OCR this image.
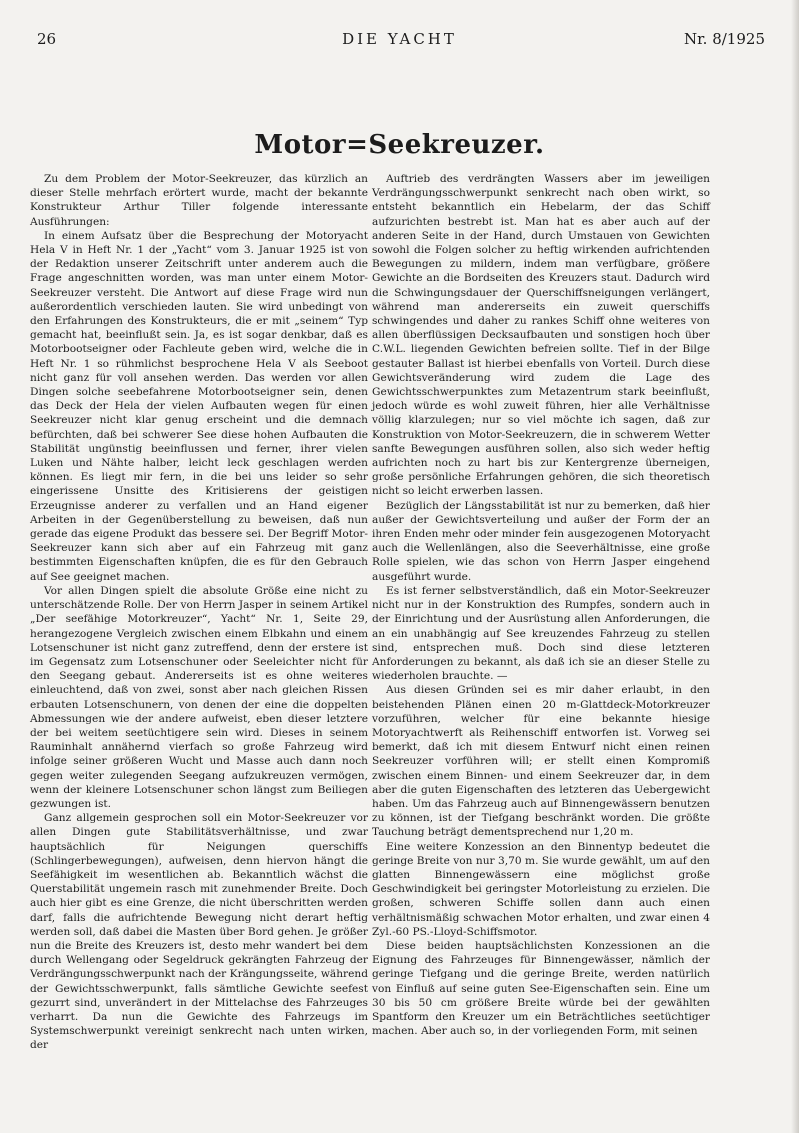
DIE YACHT
26	Nr. 8/1925
Motor=Seekreuzer.

Zu dem Problem der Motor-Seekreuzer, das kürzlich an dieser Stelle mehrfach erörtert wurde, macht der bekannte Konstrukteur Arthur Tiller folgende interessante Ausführungen:

In einem Aufsatz über die Besprechung der Motoryacht Hela V in Heft Nr. 1 der „Yacht“ vom 3. Januar 1925 ist von der Redaktion unserer Zeitschrift unter anderem auch die Frage angeschnitten worden, was man unter einem Motor-Seekreuzer versteht. Die Antwort auf diese Frage wird nun außerordentlich verschieden lauten. Sie wird unbedingt von den Erfahrungen des Konstrukteurs, die er mit „seinem“ Typ gemacht hat, beeinflußt sein. Ja, es ist sogar denkbar, daß es Motorbootseigner oder Fachleute geben wird, welche die in Heft Nr. 1 so rühmlichst besprochene Hela V als Seeboot nicht ganz für voll ansehen werden. Das werden vor allen Dingen solche seebefahrene Motorbootseigner sein, denen das Deck der Hela der vielen Aufbauten wegen für einen Seekreuzer nicht klar genug erscheint und die demnach befürchten, daß bei schwerer See diese hohen Aufbauten die Stabilität ungünstig beeinflussen und ferner, ihrer vielen Luken und Nähte halber, leicht leck geschlagen werden können. Es liegt mir fern, in die bei uns leider so sehr eingerissene Unsitte des Kritisierens der geistigen Erzeugnisse anderer zu verfallen und an Hand eigener Arbeiten in der Gegenüberstellung zu beweisen, daß nun gerade das eigene Produkt das bessere sei. Der Begriff Motor-Seekreuzer kann sich aber auf ein Fahrzeug mit ganz bestimmten Eigenschaften knüpfen, die es für den Gebrauch auf See geeignet machen.

Vor allen Dingen spielt die absolute Größe eine nicht zu unterschätzende Rolle. Der von Herrn Jasper in seinem Artikel „Der seefähige Motorkreuzer“, Yacht“ Nr. 1, Seite 29, herangezogene Vergleich zwischen einem Elbkahn und einem Lotsenschuner ist nicht ganz zutreffend, denn der erstere ist im Gegensatz zum Lotsenschuner oder Seeleichter nicht für den Seegang gebaut. Andererseits ist es ohne weiteres einleuchtend, daß von zwei, sonst aber nach gleichen Rissen erbauten Lotsenschunern, von denen der eine die doppelten Abmessungen wie der andere aufweist, eben dieser letztere der bei weitem seetüchtigere sein wird. Dieses in seinem Rauminhalt annähernd vierfach so große Fahrzeug wird infolge seiner größeren Wucht und Masse auch dann noch gegen weiter zulegenden Seegang aufzukreuzen vermögen, wenn der kleinere Lotsenschuner schon längst zum Beiliegen gezwungen ist.

Ganz allgemein gesprochen soll ein Motor-Seekreuzer vor allen Dingen gute Stabilitätsverhältnisse, und zwar hauptsächlich für Neigungen querschiffs (Schlingerbewegungen), aufweisen, denn hiervon hängt die Seefähigkeit im wesentlichen ab. Bekanntlich wächst die Querstabilität ungemein rasch mit zunehmender Breite. Doch auch hier gibt es eine Grenze, die nicht überschritten werden darf, falls die aufrichtende Bewegung nicht derart heftig werden soll, daß dabei die Masten über Bord gehen. Je größer nun die Breite des Kreuzers ist, desto mehr wandert bei dem durch Wellengang oder Segeldruck gekrängten Fahrzeug der Verdrängungsschwerpunkt nach der Krängungsseite, während der Gewichtsschwerpunkt, falls sämtliche Gewichte seefest gezurrt sind, unverändert in der Mittelachse des Fahrzeuges verharrt. Da nun die Gewichte des Fahrzeugs im Systemschwerpunkt vereinigt senkrecht nach unten wirken, der

Auftrieb des verdrängten Wassers aber im jeweiligen Verdrängungsschwerpunkt senkrecht nach oben wirkt, so entsteht bekanntlich ein Hebelarm, der das Schiff aufzurichten bestrebt ist. Man hat es aber auch auf der anderen Seite in der Hand, durch Umstauen von Gewichten sowohl die Folgen solcher zu heftig wirkenden aufrichtenden Bewegungen zu mildern, indem man verfügbare, größere Gewichte an die Bordseiten des Kreuzers staut. Dadurch wird die Schwingungsdauer der Querschiffsneigungen verlängert, während man andererseits ein zuweit querschiffs schwingendes und daher zu rankes Schiff ohne weiteres von allen überflüssigen Decksaufbauten und sonstigen hoch über C.W.L. liegenden Gewichten befreien sollte. Tief in der Bilge gestauter Ballast ist hierbei ebenfalls von Vorteil. Durch diese Gewichtsveränderung wird zudem die Lage des Gewichtsschwerpunktes zum Metazentrum stark beeinflußt, jedoch würde es wohl zuweit führen, hier alle Verhältnisse völlig klarzulegen; nur so viel möchte ich sagen, daß zur Konstruktion von Motor-Seekreuzern, die in schwerem Wetter sanfte Bewegungen ausführen sollen, also sich weder heftig aufrichten noch zu hart bis zur Kentergrenze überneigen, große persönliche Erfahrungen gehören, die sich theoretisch nicht so leicht erwerben lassen.

Bezüglich der Längsstabilität ist nur zu bemerken, daß hier außer der Gewichtsverteilung und außer der Form der an ihren Enden mehr oder minder fein ausgezogenen Motoryacht auch die Wellenlängen, also die Seeverhältnisse, eine große Rolle spielen, wie das schon von Herrn Jasper eingehend ausgeführt wurde.

Es ist ferner selbstverständlich, daß ein Motor-Seekreuzer nicht nur in der Konstruktion des Rumpfes, sondern auch in der Einrichtung und der Ausrüstung allen Anforderungen, die an ein unabhängig auf See kreuzendes Fahrzeug zu stellen sind, entsprechen muß. Doch sind diese letzteren Anforderungen zu bekannt, als daß ich sie an dieser Stelle zu wiederholen brauchte. —

Aus diesen Gründen sei es mir daher erlaubt, in den beistehenden Plänen einen 20 m-Glattdeck-Motorkreuzer vorzuführen, welcher für eine bekannte hiesige Motoryachtwerft als Reihenschiff entworfen ist. Vorweg sei bemerkt, daß ich mit diesem Entwurf nicht einen reinen Seekreuzer vorführen will; er stellt einen Kompromiß zwischen einem Binnen- und einem Seekreuzer dar, in dem aber die guten Eigenschaften des letzteren das Uebergewicht haben. Um das Fahrzeug auch auf Binnengewässern benutzen zu können, ist der Tiefgang beschränkt worden. Die größte Tauchung beträgt dementsprechend nur 1,20 m.

Eine weitere Konzession an den Binnentyp bedeutet die geringe Breite von nur 3,70 m. Sie wurde gewählt, um auf den glatten Binnengewässern eine möglichst große Geschwindigkeit bei geringster Motorleistung zu erzielen. Die großen, schweren Schiffe sollen dann auch einen verhältnismäßig schwachen Motor erhalten, und zwar einen 4 Zyl.-60 PS.-Lloyd-Schiffsmotor.

Diese beiden hauptsächlichsten Konzessionen an die Eignung des Fahrzeuges für Binnengewässer, nämlich der geringe Tiefgang und die geringe Breite, werden natürlich von Einfluß auf seine guten See-Eigenschaften sein. Eine um 30 bis 50 cm größere Breite würde bei der gewählten Spantform den Kreuzer um ein Beträchtliches seetüchtiger machen. Aber auch so, in der vorliegenden Form, mit seinen
